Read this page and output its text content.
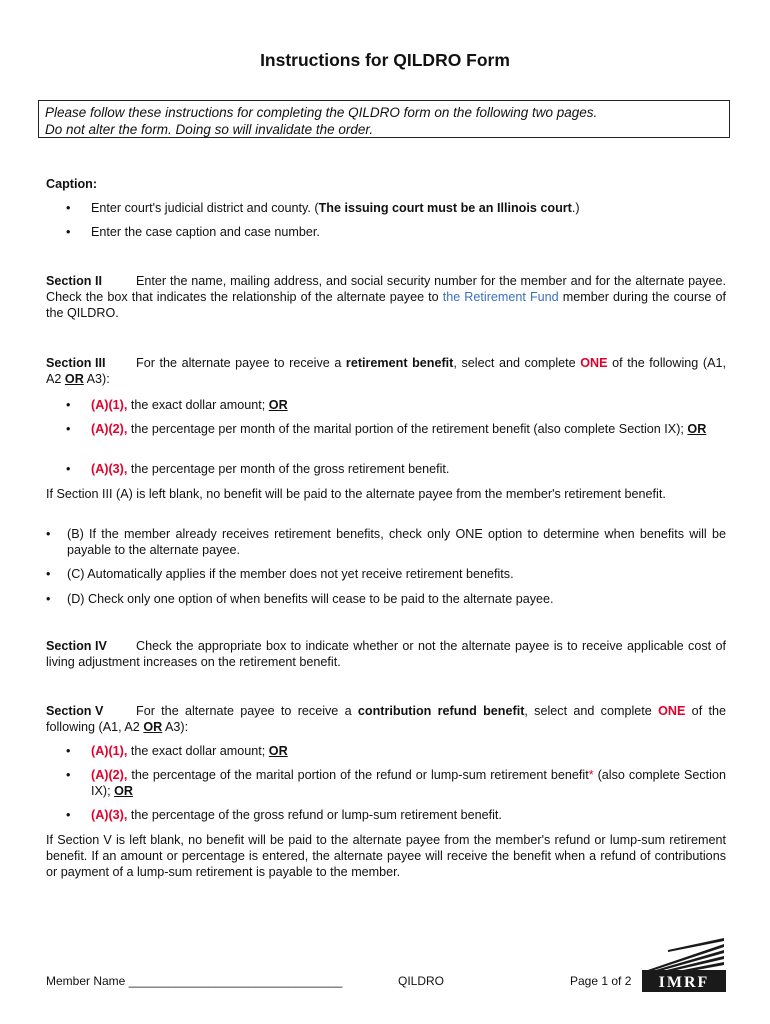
Instructions for QILDRO Form
Please follow these instructions for completing the QILDRO form on the following two pages.
Do not alter the form. Doing so will invalidate the order.
Caption:
• Enter court's judicial district and county. (The issuing court must be an Illinois court.)
• Enter the case caption and case number.
Section II	Enter the name, mailing address, and social security number for the member and for the alternate payee. Check the box that indicates the relationship of the alternate payee to the Retirement Fund member during the course of the QILDRO.
Section III For the alternate payee to receive a retirement benefit, select and complete ONE of the following (A1, A2 OR A3):
• (A)(1), the exact dollar amount; OR
• (A)(2), the percentage per month of the marital portion of the retirement benefit (also complete Section IX); OR
• (A)(3), the percentage per month of the gross retirement benefit.
If Section III (A) is left blank, no benefit will be paid to the alternate payee from the member's retirement benefit.
• (B) If the member already receives retirement benefits, check only ONE option to determine when benefits will be payable to the alternate payee.
• (C) Automatically applies if the member does not yet receive retirement benefits.
• (D) Check only one option of when benefits will cease to be paid to the alternate payee.
Section IV Check the appropriate box to indicate whether or not the alternate payee is to receive applicable cost of living adjustment increases on the retirement benefit.
Section V	For the alternate payee to receive a contribution refund benefit, select and complete ONE of the following (A1, A2 OR A3):
• (A)(1), the exact dollar amount; OR
• (A)(2), the percentage of the marital portion of the refund or lump-sum retirement benefit* (also complete Section IX); OR
• (A)(3), the percentage of the gross refund or lump-sum retirement benefit.
If Section V is left blank, no benefit will be paid to the alternate payee from the member's refund or lump-sum retirement benefit. If an amount or percentage is entered, the alternate payee will receive the benefit when a refund of contributions or payment of a lump-sum retirement is payable to the member.
Member Name ________________________________	QILDRO	Page 1 of 2 IMRF
